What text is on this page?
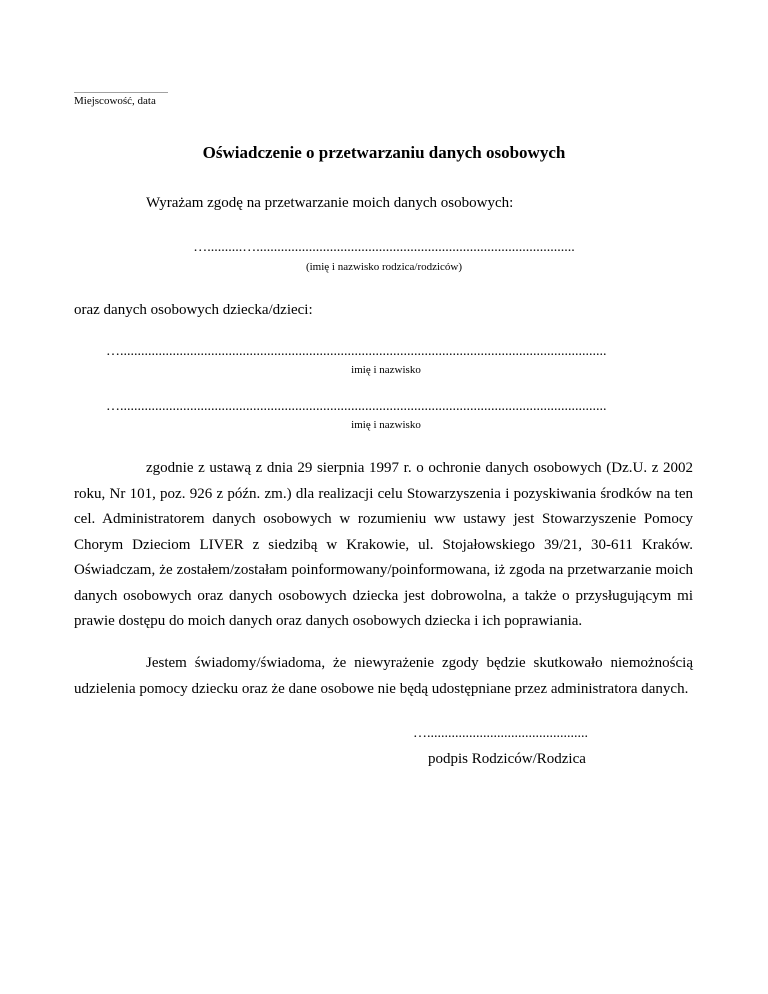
...............................................
Miejscowość, data
Oświadczenie o przetwarzaniu danych osobowych
Wyrażam zgodę na przetwarzanie moich danych osobowych:
…..........…...........................................................................................
(imię i nazwisko rodzica/rodziców)
oraz danych osobowych dziecka/dzieci:
…...........................................................................................................................................
imię i nazwisko
…...........................................................................................................................................
imię i nazwisko
zgodnie z ustawą z dnia 29 sierpnia 1997 r. o ochronie danych osobowych (Dz.U. z 2002 roku, Nr 101, poz. 926 z późn. zm.) dla realizacji celu Stowarzyszenia i pozyskiwania środków na ten cel. Administratorem danych osobowych w rozumieniu ww ustawy jest Stowarzyszenie Pomocy Chorym Dzieciom LIVER z siedzibą w Krakowie, ul. Stojałowskiego 39/21, 30-611 Kraków. Oświadczam, że zostałem/zostałam poinformowany/poinformowana, iż zgoda na przetwarzanie moich danych osobowych oraz danych osobowych dziecka jest dobrowolna, a także o przysługującym mi prawie dostępu do moich danych oraz danych osobowych dziecka i ich poprawiania.
Jestem świadomy/świadoma, że niewyrażenie zgody będzie skutkowało niemożnością udzielenia pomocy dziecku oraz że dane osobowe nie będą udostępniane przez administratora danych.
…..............................................
podpis Rodziców/Rodzica
